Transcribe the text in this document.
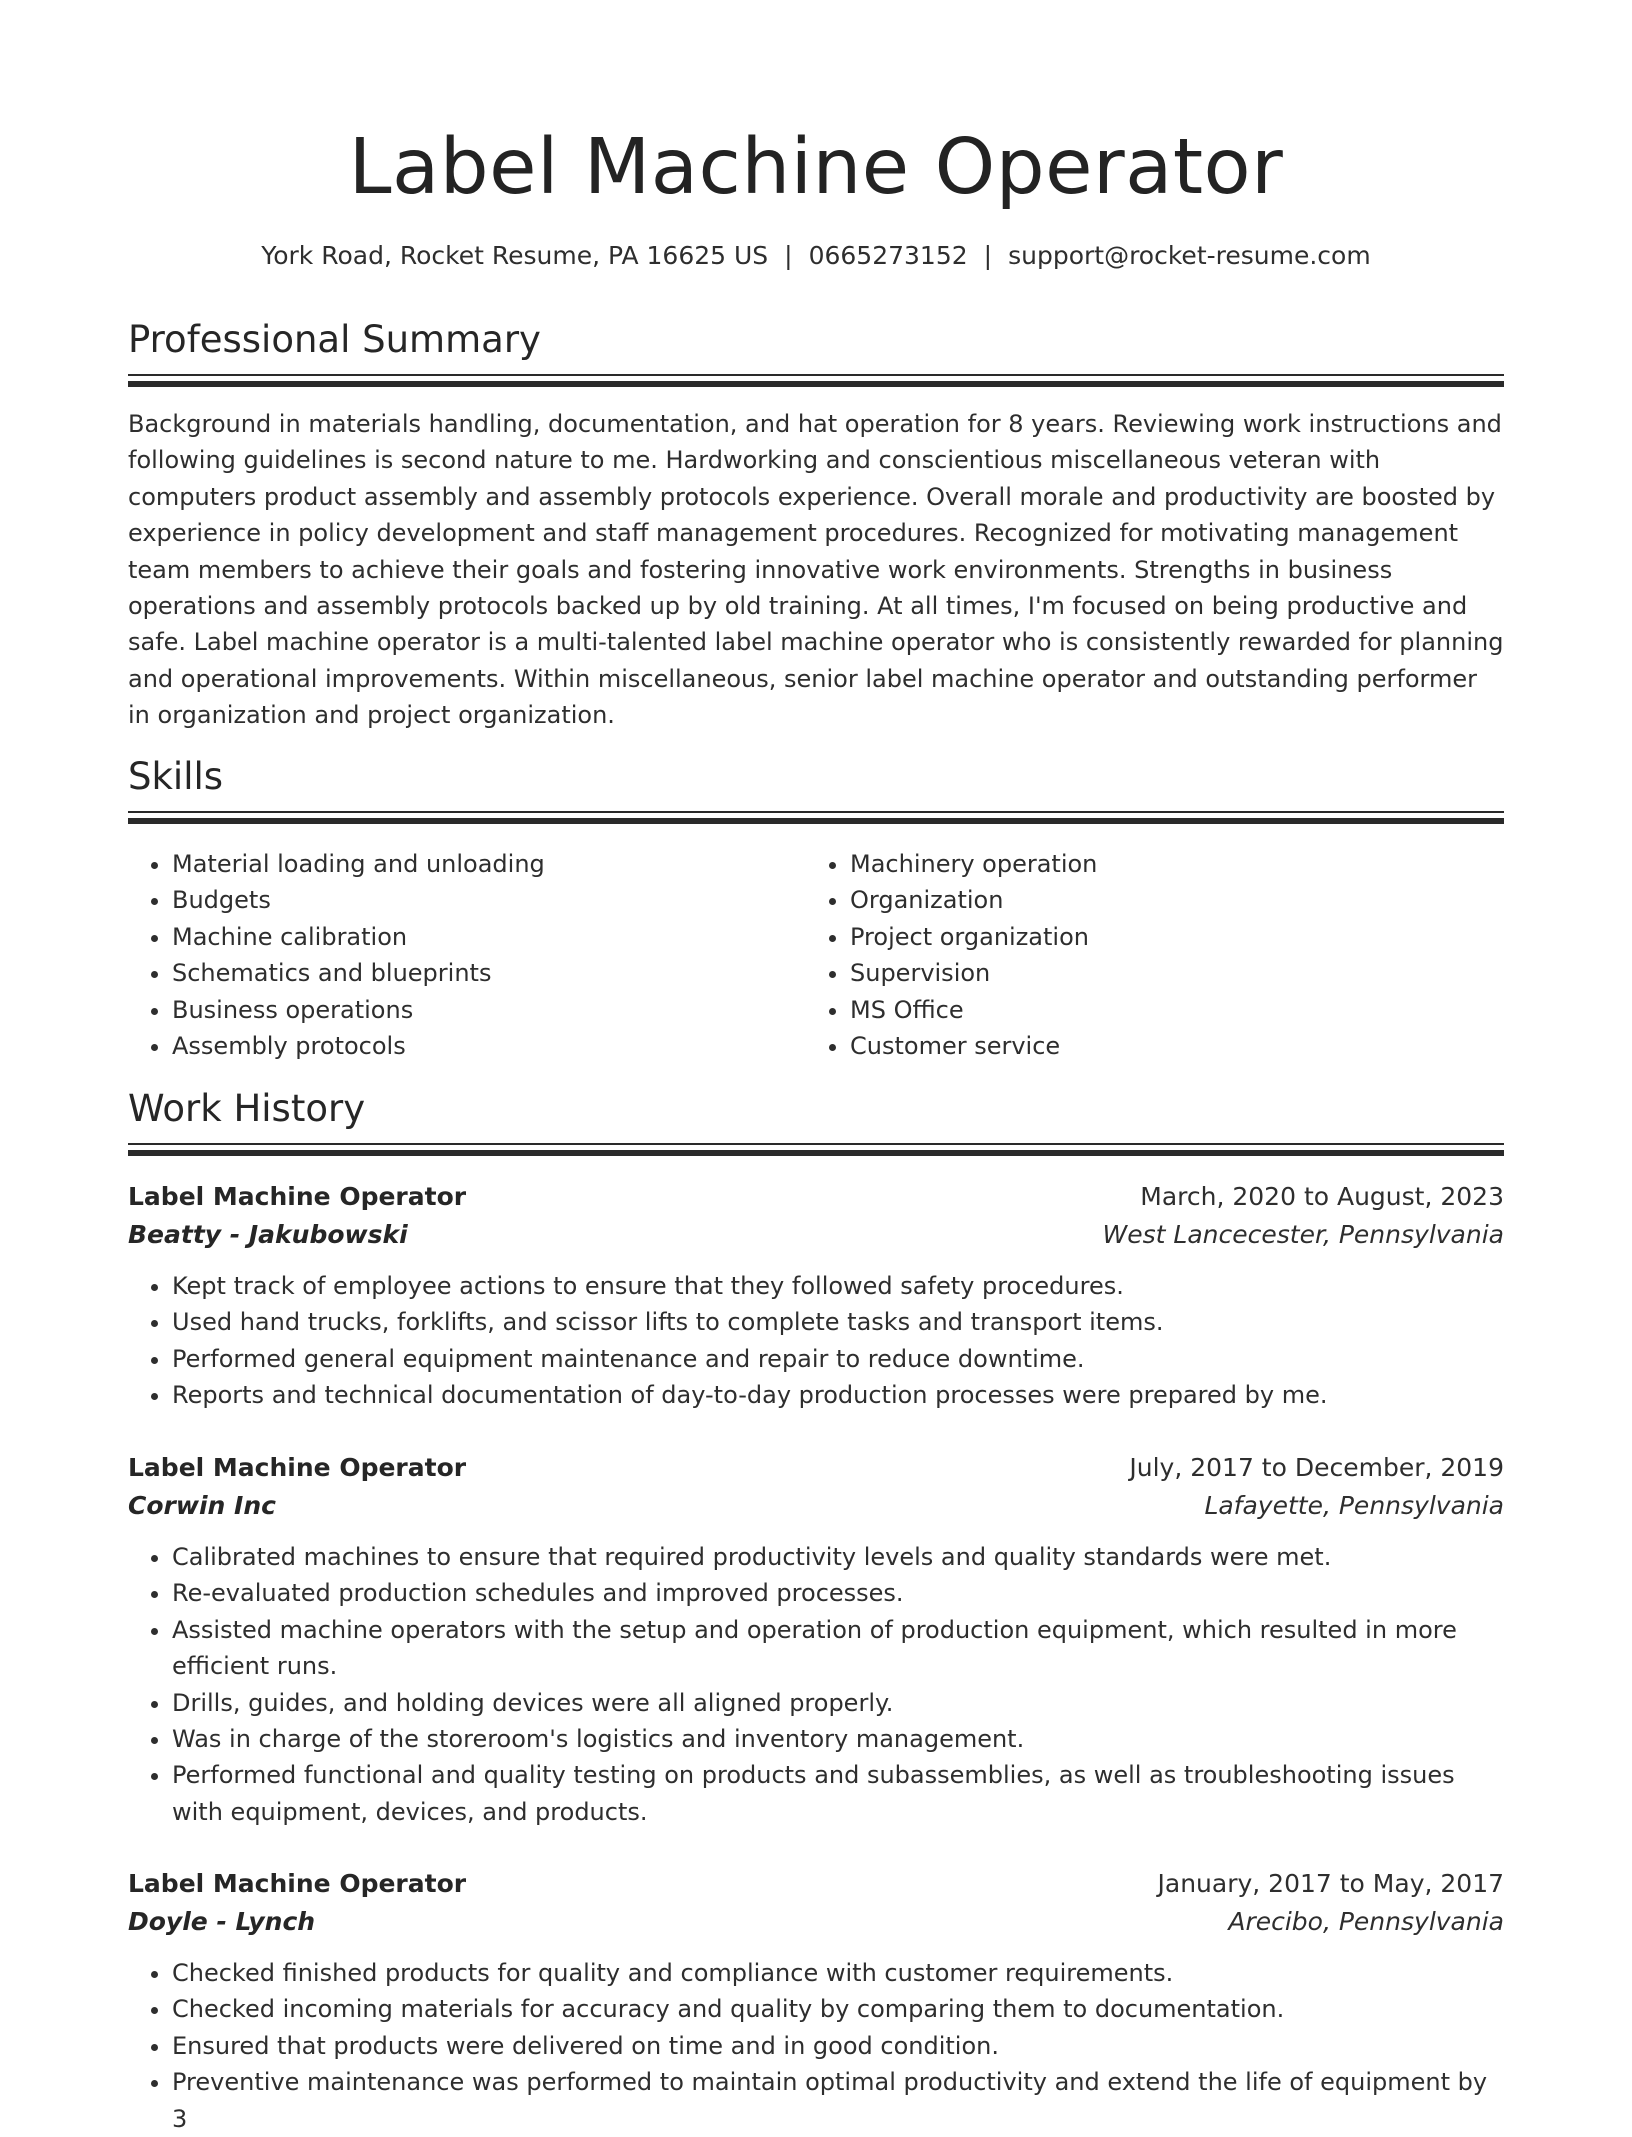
Label Machine Operator
York Road, Rocket Resume, PA 16625 US | 0665273152 | support@rocket-resume.com
Professional Summary

Background in materials handling, documentation, and hat operation for 8 years. Reviewing work instructions and following guidelines is second nature to me. Hardworking and conscientious miscellaneous veteran with computers product assembly and assembly protocols experience. Overall morale and productivity are boosted by experience in policy development and staff management procedures. Recognized for motivating management team members to achieve their goals and fostering innovative work environments. Strengths in business operations and assembly protocols backed up by old training. At all times, I'm focused on being productive and safe. Label machine operator is a multi-talented label machine operator who is consistently rewarded for planning and operational improvements. Within miscellaneous, senior label machine operator and outstanding performer in organization and project organization.

Skills
• Material loading and unloading
• Budgets
• Machine calibration
• Schematics and blueprints
• Business operations
• Assembly protocols
• Machinery operation
• Organization
• Project organization
• Supervision
• MS Office
• Customer service
Work History
Label Machine Operator	March, 2020 to August, 2023
Beatty - Jakubowski	West Lancecester, Pennsylvania
• Kept track of employee actions to ensure that they followed safety procedures.
• Used hand trucks, forklifts, and scissor lifts to complete tasks and transport items.
• Performed general equipment maintenance and repair to reduce downtime.
• Reports and technical documentation of day-to-day production processes were prepared by me.
Label Machine Operator	July, 2017 to December, 2019
Corwin Inc	Lafayette, Pennsylvania
• Calibrated machines to ensure that required productivity levels and quality standards were met.
• Re-evaluated production schedules and improved processes.
• Assisted machine operators with the setup and operation of production equipment, which resulted in more efficient runs.
• Drills, guides, and holding devices were all aligned properly.
• Was in charge of the storeroom's logistics and inventory management.
• Performed functional and quality testing on products and subassemblies, as well as troubleshooting issues with equipment, devices, and products.
Label Machine Operator	January, 2017 to May, 2017
Doyle - Lynch	Arecibo, Pennsylvania
• Checked finished products for quality and compliance with customer requirements.
• Checked incoming materials for accuracy and quality by comparing them to documentation.
• Ensured that products were delivered on time and in good condition.
• Preventive maintenance was performed to maintain optimal productivity and extend the life of equipment by 3
